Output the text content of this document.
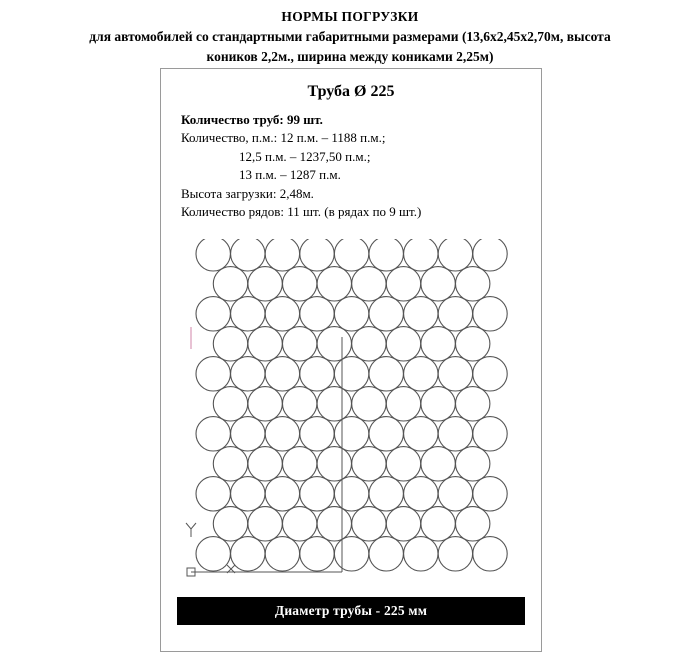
НОРМЫ ПОГРУЗКИ
для автомобилей со стандартными габаритными размерами (13,6х2,45х2,70м, высота
коников 2,2м., ширина между кониками 2,25м)
Труба Ø 225
Количество труб: 99 шт.
Количество, п.м.: 12 п.м. – 1188 п.м.;
12,5 п.м. – 1237,50 п.м.;
13 п.м. – 1287 п.м.
Высота загрузки: 2,48м.
Количество рядов: 11 шт. (в рядах по 9 шт.)
Диаметр трубы - 225 мм
